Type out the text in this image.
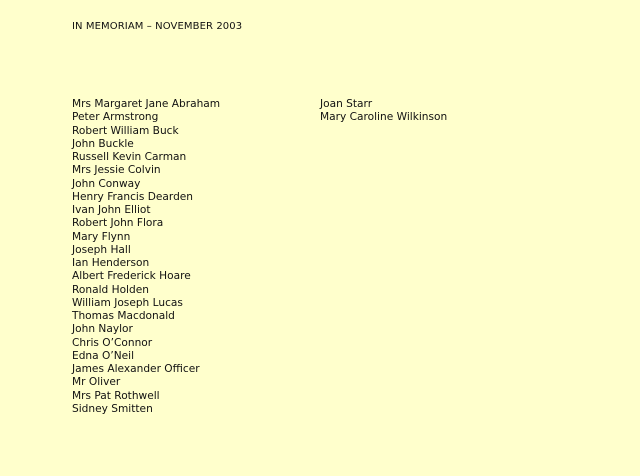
IN MEMORIAM – NOVEMBER 2003
Mrs Margaret Jane Abraham
Peter Armstrong
Robert William Buck
John Buckle
Russell Kevin Carman
Mrs Jessie Colvin
John Conway
Henry Francis Dearden
Ivan John Elliot
Robert John Flora
Mary Flynn
Joseph Hall
Ian Henderson
Albert Frederick Hoare
Ronald Holden
William Joseph Lucas
Thomas Macdonald
John Naylor
Chris O’Connor
Edna O’Neil
James Alexander Officer
Mr Oliver
Mrs Pat Rothwell
Sidney Smitten
Joan Starr
Mary Caroline Wilkinson
